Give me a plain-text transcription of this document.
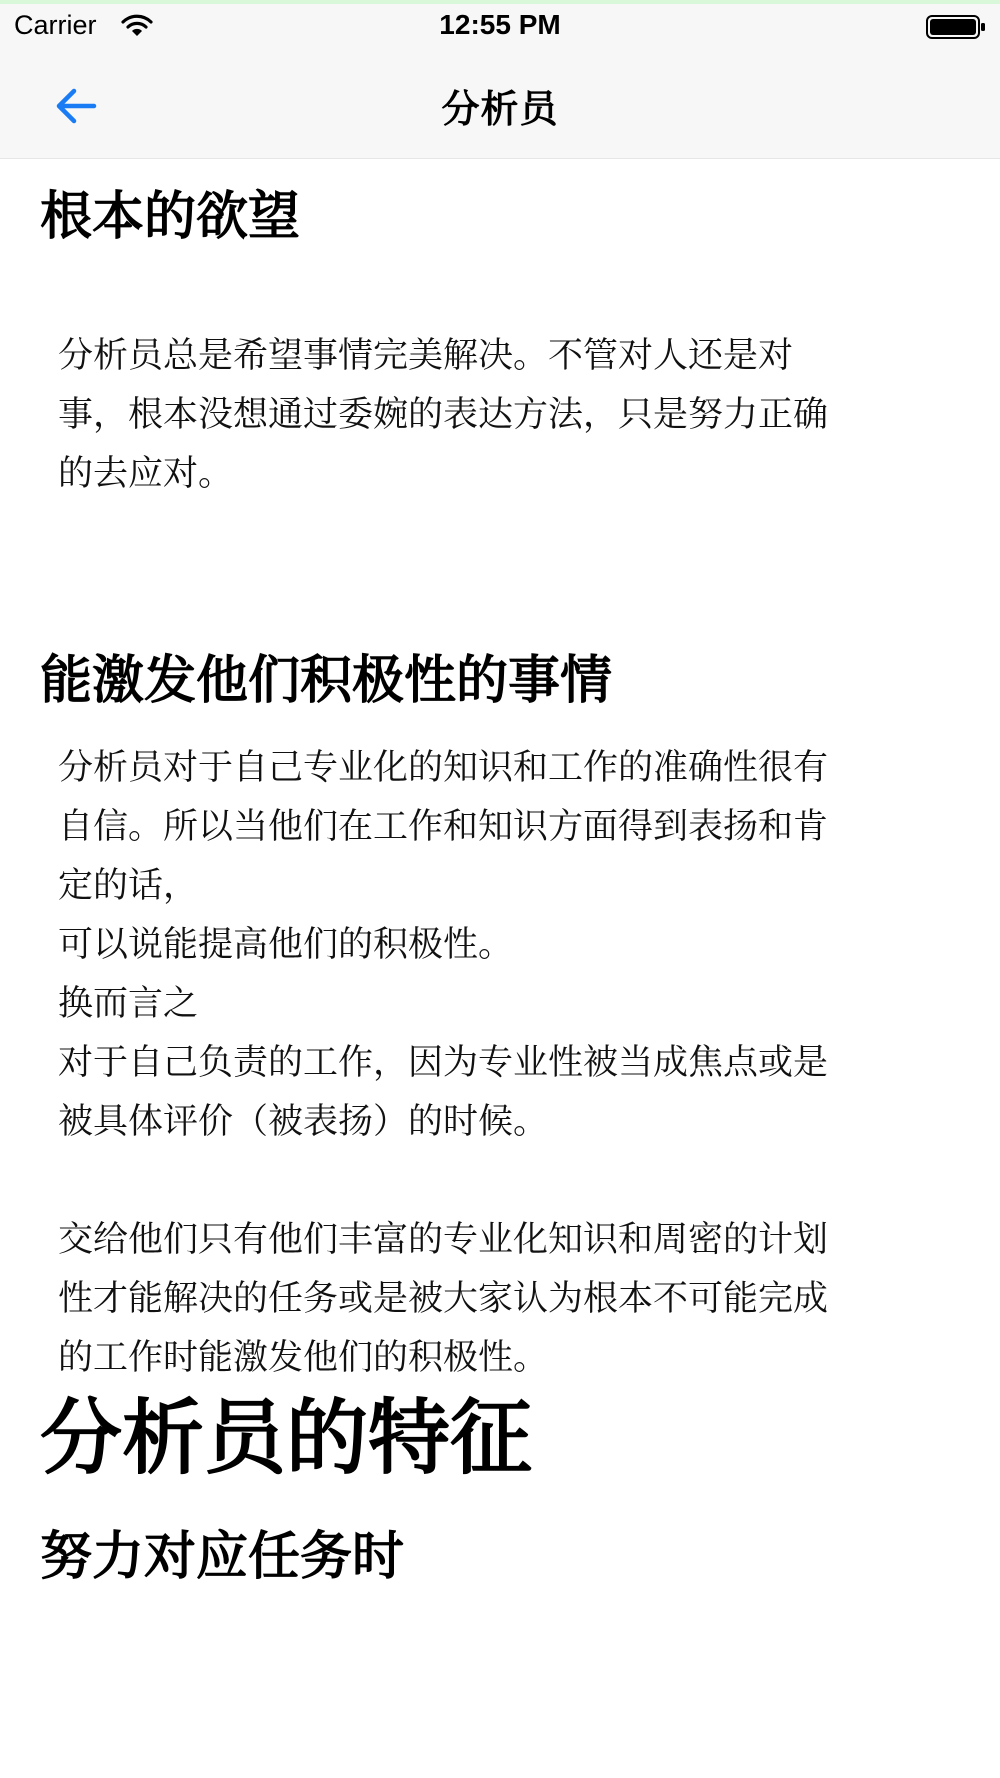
Carrier	12:55 PM
分析员
根本的欲望
分析员总是希望事情完美解决。不管对人还是对
事，根本没想通过委婉的表达方法，只是努力正确
的去应对。
能激发他们积极性的事情
分析员对于自己专业化的知识和工作的准确性很有
自信。所以当他们在工作和知识方面得到表扬和肯
定的话，
可以说能提高他们的积极性。
换而言之
对于自己负责的工作，因为专业性被当成焦点或是
被具体评价（被表扬）的时候。
交给他们只有他们丰富的专业化知识和周密的计划
性才能解决的任务或是被大家认为根本不可能完成
的工作时能激发他们的积极性。
分析员的特征
努力对应任务时
